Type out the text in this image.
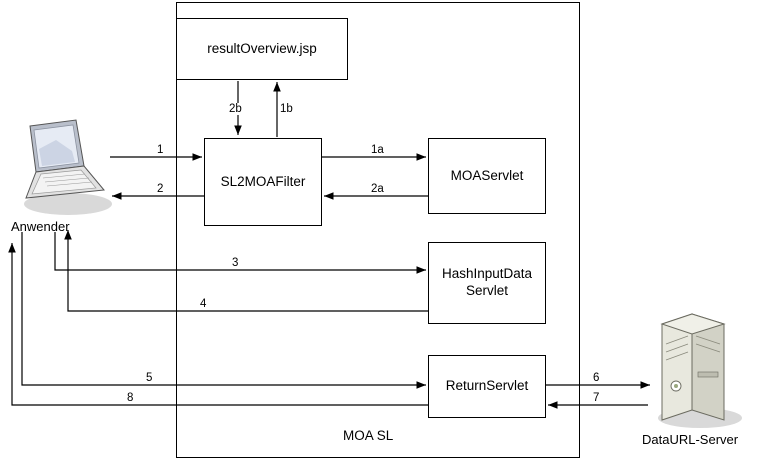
MOA SL
resultOverview.jsp
SL2MOAFilter	MOAServlet
HashInputData Servlet
ReturnServlet
Anwender
DataURL-Server
1
2
1a
2a
1b
2b
3
4
5
8
6
7
